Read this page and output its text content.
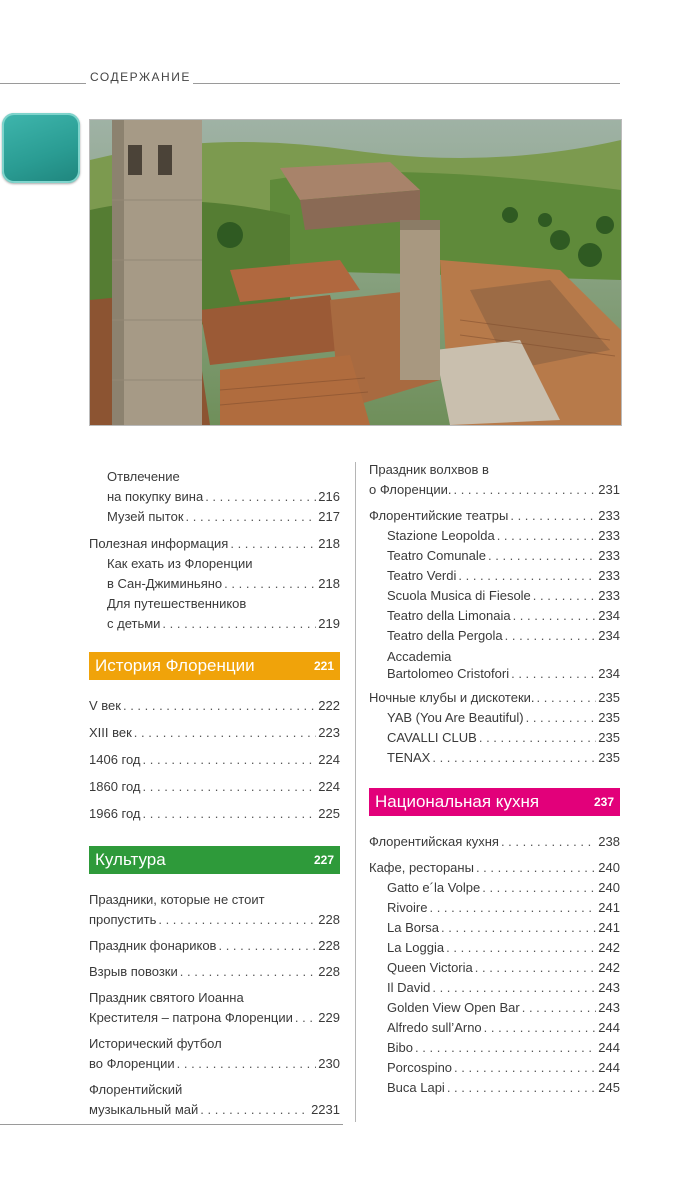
СОДЕРЖАНИЕ
Отвлечение
на покупку вина . . .	216
Музей пыток . . .	217
Полезная информация . . .	218
Как ехать из Флоренции
в Сан-Джиминьяно . . .	218
Для путешественников
с детьми . . .	219
История Флоренции	221
V век . . .	222
XIII век . . .	223
1406 год . . .	224
1860 год . . .	224
1966 год . . .	225
Культура	227
Праздники, которые не стоит
пропустить . . .	228
Праздник фонариков . . .	228
Взрыв повозки . . .	228
Праздник святого Иоанна
Крестителя – патрона Флоренции . . . 229
Исторический футбол
во Флоренции . . .	230
Флорентийский
музыкальный май . . .	2231
Праздник волхвов в
о Флоренции. . . .	231
Флорентийские театры . . .	233
Stazione Leopolda . . .	233
Teatro Comunale . . .	233
Teatro Verdi . . .	233
Scuola Musica di Fiesole . . .	233
Teatro della Limonaia . . .	234
Teatro della Pergola . . .	234
Accademia
Bartolomeo Cristofori . . .	234
Ночные клубы и дискотеки. . . .	235
YAB (You Are Beautiful) . . .	235
CAVALLI CLUB . . .	235
TENAX . . .	235
Национальная кухня	237
Флорентийская кухня . . .	238
Кафе, рестораны . . .	240
Gatto e´la Volpe . . .	240
Rivoire . . .	241
La Borsa . . .	241
La Loggia . . .	242
Queen Victoria . . .	242
Il David . . .	243
Golden View Open Bar . . .	243
Alfredo sull’Arno . . .	244
Bibo . . .	244
Porcospino . . .	244
Buca Lapi . . .	245
